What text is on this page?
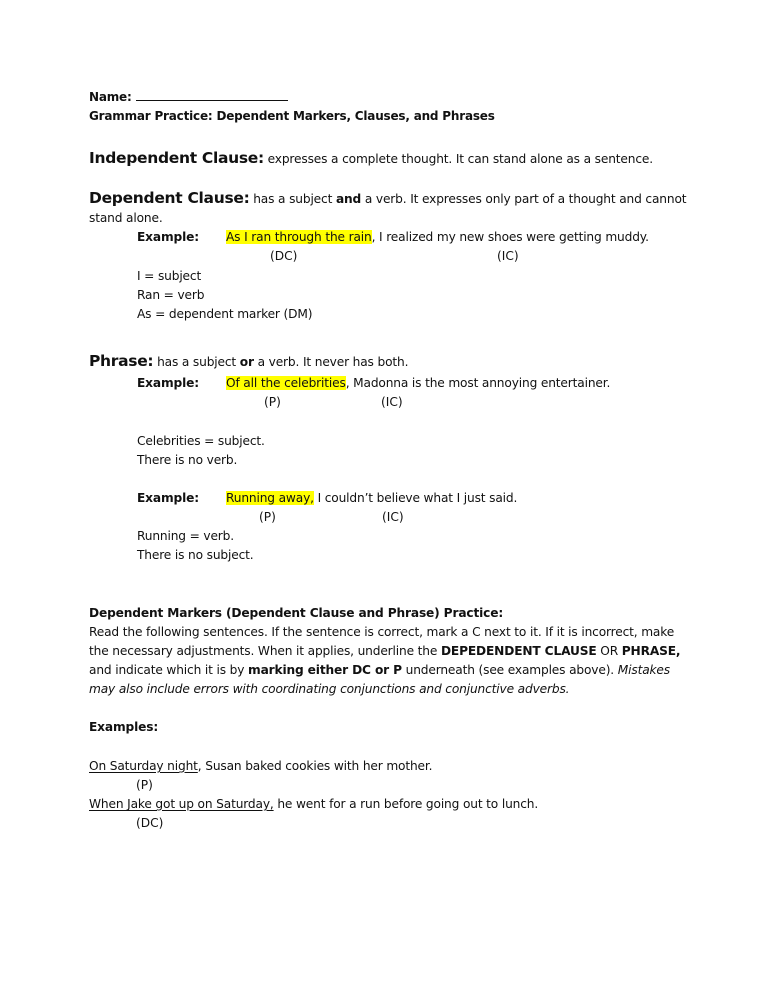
Name:
Grammar Practice: Dependent Markers, Clauses, and Phrases
Independent Clause: expresses a complete thought. It can stand alone as a sentence.
Dependent Clause: has a subject and a verb. It expresses only part of a thought and cannot
stand alone.
Example: As I ran through the rain, I realized my new shoes were getting muddy.
(DC)	(IC)
I = subject
Ran = verb
As = dependent marker (DM)
Phrase: has a subject or a verb. It never has both.
Example: Of all the celebrities, Madonna is the most annoying entertainer.
(P)	(IC)
Celebrities = subject.
There is no verb.
Example: Running away, I couldn’t believe what I just said.
(P)	(IC)
Running = verb.
There is no subject.
Dependent Markers (Dependent Clause and Phrase) Practice:
Read the following sentences. If the sentence is correct, mark a C next to it. If it is incorrect, make
the necessary adjustments. When it applies, underline the DEPEDENDENT CLAUSE OR PHRASE,
and indicate which it is by marking either DC or P underneath (see examples above). Mistakes
may also include errors with coordinating conjunctions and conjunctive adverbs.
Examples:
On Saturday night, Susan baked cookies with her mother.
(P)
When Jake got up on Saturday, he went for a run before going out to lunch.
(DC)
